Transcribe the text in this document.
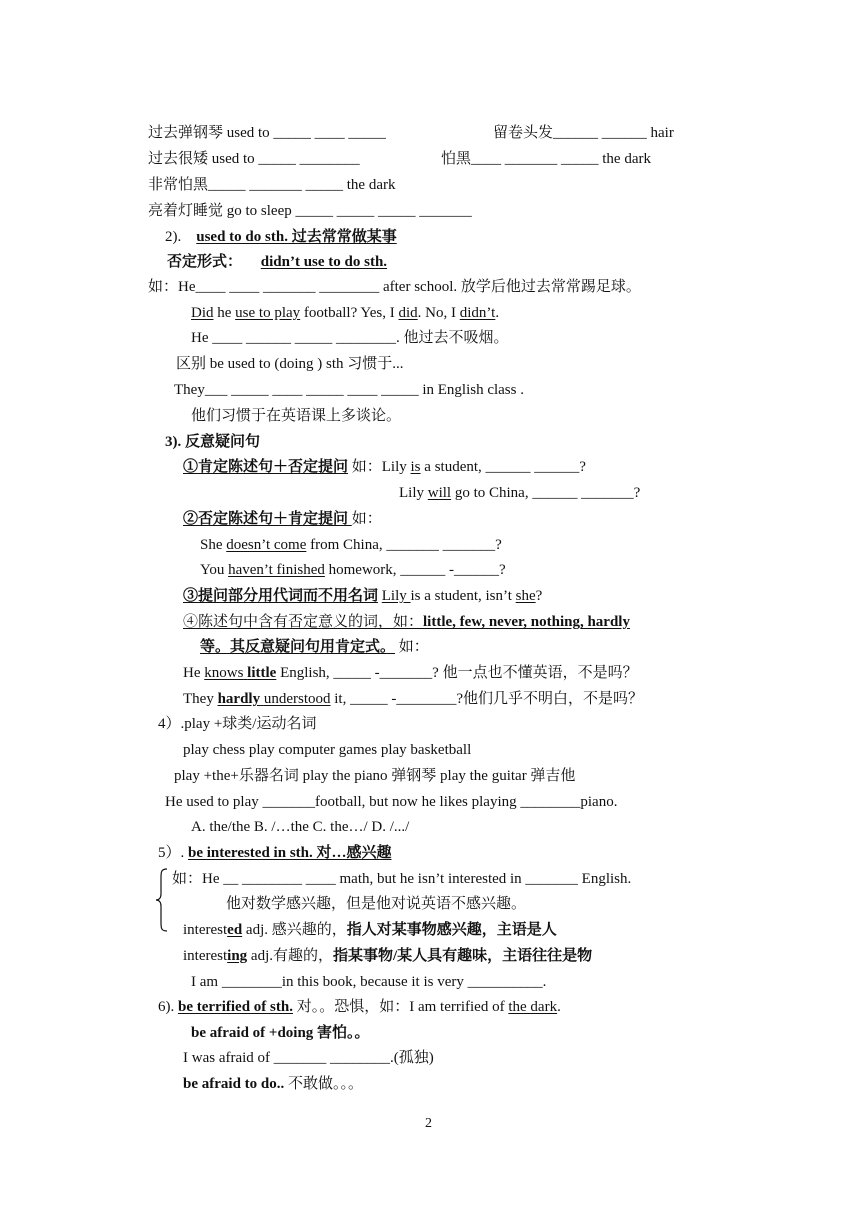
过去弹钢琴 used to _____ ____ _____	留卷头发______ ______ hair
过去很矮 used to _____ ________	怕黑____ _______ _____ the dark
非常怕黑_____ _______ _____ the dark
亮着灯睡觉 go to sleep _____ _____ _____ _______
2). used to do sth. 过去常常做某事
否定形式： didn’t use to do sth.
如：He____ ____ _______ ________ after school. 放学后他过去常常踢足球。
Did he use to play football? Yes, I did. No, I didn’t.
He ____ ______ _____ ________. 他过去不吸烟。
区别 be used to (doing ) sth 习惯于...
They___ _____ ____ _____ ____ _____ in English class .
他们习惯于在英语课上多谈论。
3). 反意疑问句
①肯定陈述句＋否定提问 如：Lily is a student, ______ ______?
Lily will go to China, ______ _______?
②否定陈述句＋肯定提问 如：
She doesn’t come from China, _______ _______?
You haven’t finished homework, ______ -______?
③提问部分用代词而不用名词 Lily is a student, isn’t she?
④陈述句中含有否定意义的词，如：little, few, never, nothing, hardly
等。其反意疑问句用肯定式。 如：
He knows little English, _____ -_______? 他一点也不懂英语，不是吗？
They hardly understood it, _____ -________?他们几乎不明白，不是吗？
4）.play +球类/运动名词
play chess play computer games play basketball
play +the+乐器名词 play the piano 弹钢琴 play the guitar 弹吉他
He used to play _______football, but now he likes playing ________piano.
A. the/the B. /…the C. the…/ D. /.../
5）. be interested in sth. 对…感兴趣
如：He __ ________ ____ math, but he isn’t interested in _______ English.
他对数学感兴趣，但是他对说英语不感兴趣。
interested adj. 感兴趣的，指人对某事物感兴趣，主语是人
interesting adj.有趣的，指某事物/某人具有趣味，主语往往是物
I am ________in this book, because it is very __________.
6). be terrified of sth. 对。。恐惧，如：I am terrified of the dark.
be afraid of +doing 害怕。。
I was afraid of _______ ________.(孤独)
be afraid to do.. 不敢做。。。
2
